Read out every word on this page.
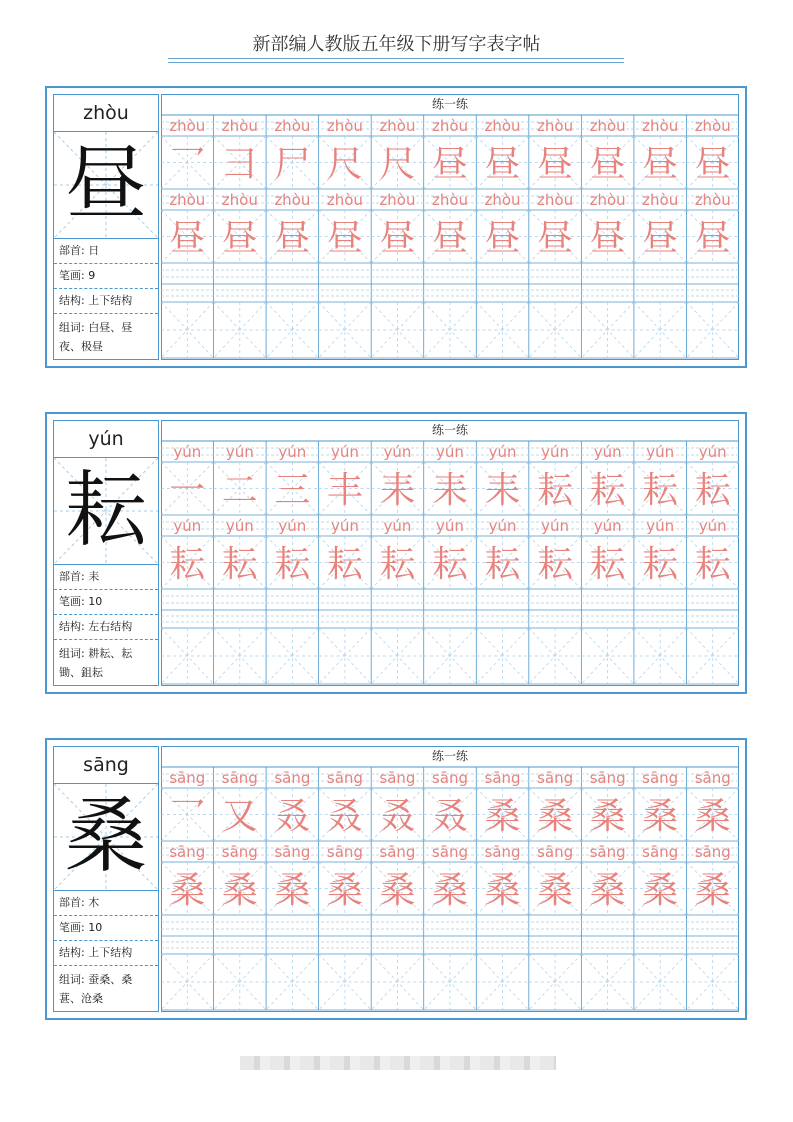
新部编人教版五年级下册写字表字帖
zhòu
昼
部首: 日
笔画: 9
结构: 上下结构
组词: 白昼、昼夜、极昼
zhòu zhòu zhòu zhòu zhòu zhòu zhòu zhòu zhòu zhòu zhòu
乛 ⺕ 尸 尺 尺 昼 昼 昼 昼 昼 昼
zhòu zhòu zhòu zhòu zhòu zhòu zhòu zhòu zhòu zhòu zhòu
昼 昼 昼 昼 昼 昼 昼 昼 昼 昼 昼
练一练
yún
耘
部首: 耒
笔画: 10
结构: 左右结构
组词: 耕耘、耘锄、鉏耘
yún yún yún yún yún yún yún yún yún yún yún
一 二 三 丰 耒 耒 耒 耘 耘 耘 耘
yún yún yún yún yún yún yún yún yún yún yún
耘 耘 耘 耘 耘 耘 耘 耘 耘 耘 耘
练一练
sāng
桑
部首: 木
笔画: 10
结构: 上下结构
组词: 蚕桑、桑葚、沧桑
sāng sāng sāng sāng sāng sāng sāng sāng sāng sāng sāng
乛 又 叒 叒 叒 叒 桑 桑 桑 桑 桑
sāng sāng sāng sāng sāng sāng sāng sāng sāng sāng sāng
桑 桑 桑 桑 桑 桑 桑 桑 桑 桑 桑
练一练
